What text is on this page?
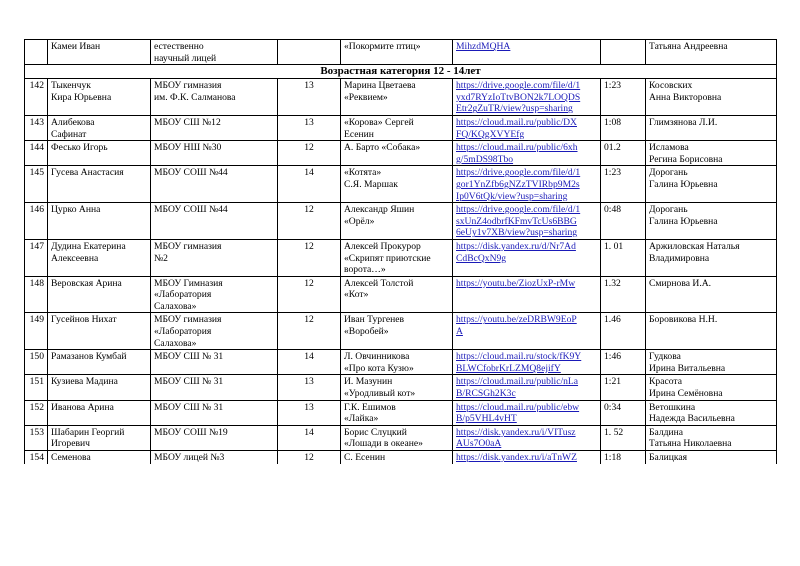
	Камеи Иван	естественно
научный лицей		«Покормите птиц»	MihzdMQHA		Татьяна Андреевна

Возрастная категория 12 - 14лет							
142	Тыкенчук
Кира Юрьевна	МБОУ гимназия
им. Ф.К. Салманова	13	Марина Цветаева
«Реквием»	https://drive.google.com/file/d/1
yxd7RYzIoTtvBON2k7LOQDS
Etr2gZuTR/view?usp=sharing	1:23	Косовских
Анна Викторовна

143	Алибекова
Сафинат	МБОУ СШ №12	13	«Корова» Сергей
Есенин	https://cloud.mail.ru/public/DX
FQ/KQgXVYEfg	1:08	Глимзянова Л.И.

144	Фесько Игорь	МБОУ НШ №30	12	А. Барто «Собака»	https://cloud.mail.ru/public/6xh
g/5mDS98Tbo	01.2	Исламова
Регина Борисовна

145	Гусева Анастасия	МБОУ СОШ №44	14	«Котята»
С.Я. Маршак	https://drive.google.com/file/d/1
gor1YnZfb6gNZzTVIRbp9M2s
Ip0V6tQk/view?usp=sharing	1:23	Дорогань
Галина Юрьевна

146	Цурко Анна	МБОУ СОШ №44	12	Александр Яшин
«Орёл»	https://drive.google.com/file/d/1
sxUnZ4odbrfKFmvTcUs6BBG
6eUy1v7XB/view?usp=sharing	0:48	Дорогань
Галина Юрьевна

147	Дудина Екатерина
Алексеевна	МБОУ гимназия
№2	12	Алексей Прокурор
«Скрипят приютские
ворота…»	https://disk.yandex.ru/d/Nr7Ad
CdBcQxN9g	1. 01	Аржиловская Наталья
Владимировна

148	Веровская Арина	МБОУ Гимназия
«Лаборатория
Салахова»	12	Алексей Толстой
«Кот»	https://youtu.be/ZiozUxP-rMw	1.32	Смирнова И.А.

149	Гусейнов Нихат	МБОУ гимназия
«Лаборатория
Салахова»	12	Иван Тургенев
«Воробей»	https://youtu.be/zeDRBW9EoP
A	1.46	Боровикова Н.Н.

150	Рамазанов Кумбай	МБОУ СШ № 31	14	Л. Овчинникова
«Про кота Кузю»	https://cloud.mail.ru/stock/fK9Y
BLWCfobrKrLZMQ8ejifY	1:46	Гудкова
Ирина Витальевна

151	Кузиева Мадина	МБОУ СШ № 31	13	И. Мазунин
«Уродливый кот»	https://cloud.mail.ru/public/nLa
B/RCSGh2K3c	1:21	Красота
Ирина Семёновна

152	Иванова Арина	МБОУ СШ № 31	13	Г.К. Ешимов
«Лайка»	https://cloud.mail.ru/public/ebw
B/p5VHL4vHT	0:34	Ветошкина
Надежда Васильевна

153	Шабарин Георгий
Игоревич	МБОУ СОШ №19	14	Борис Слуцкий
«Лошади в океане»	https://disk.yandex.ru/i/VITusz
AUs7O0aA	1. 52	Балдина
Татьяна Николаевна

154	Семенова	МБОУ лицей №3	12	С. Есенин	https://disk.yandex.ru/i/aTnWZ	1:18	Балицкая
